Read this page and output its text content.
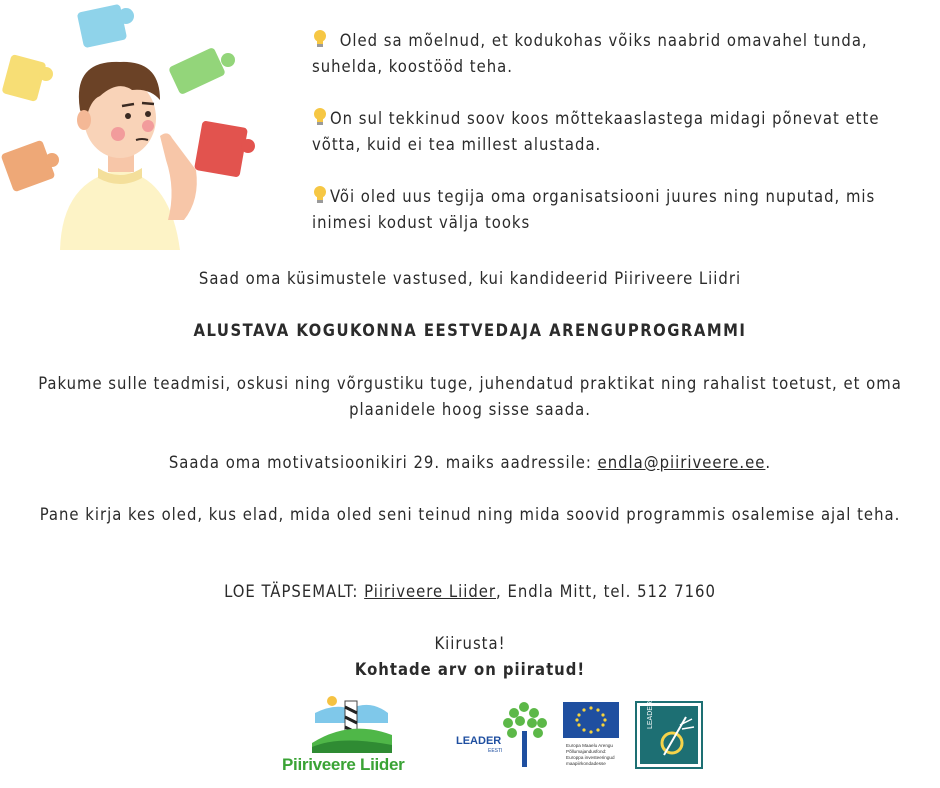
Oled sa mõelnud, et kodukohas võiks naabrid omavahel tunda, suhelda, koostööd teha.

On sul tekkinud soov koos mõttekaaslastega midagi põnevat ette võtta, kuid ei tea millest alustada.

Või oled uus tegija oma organisatsiooni juures ning nuputad, mis inimesi kodust välja tooks

Saad oma küsimustele vastused, kui kandideerid Piiriveere Liidri

ALUSTAVA KOGUKONNA EESTVEDAJA ARENGUPROGRAMMI

Pakume sulle teadmisi, oskusi ning võrgustiku tuge, juhendatud praktikat ning rahalist toetust, et oma plaanidele hoog sisse saada.

Saada oma motivatsioonikiri 29. maiks aadressile: endla@piiriveere.ee.

Pane kirja kes oled, kus elad, mida oled seni teinud ning mida soovid programmis osalemise ajal teha.

LOE TÄPSEMALT: Piiriveere Liider, Endla Mitt, tel. 512 7160

Kiirusta!

Kohtade arv on piiratud!

LEADER
EESTI
Europa Maaelu Arengu
Põllumajandusfond:
Europpa investeeringud
maapiirkondadesse
LEADER
Piiriveere Liider
